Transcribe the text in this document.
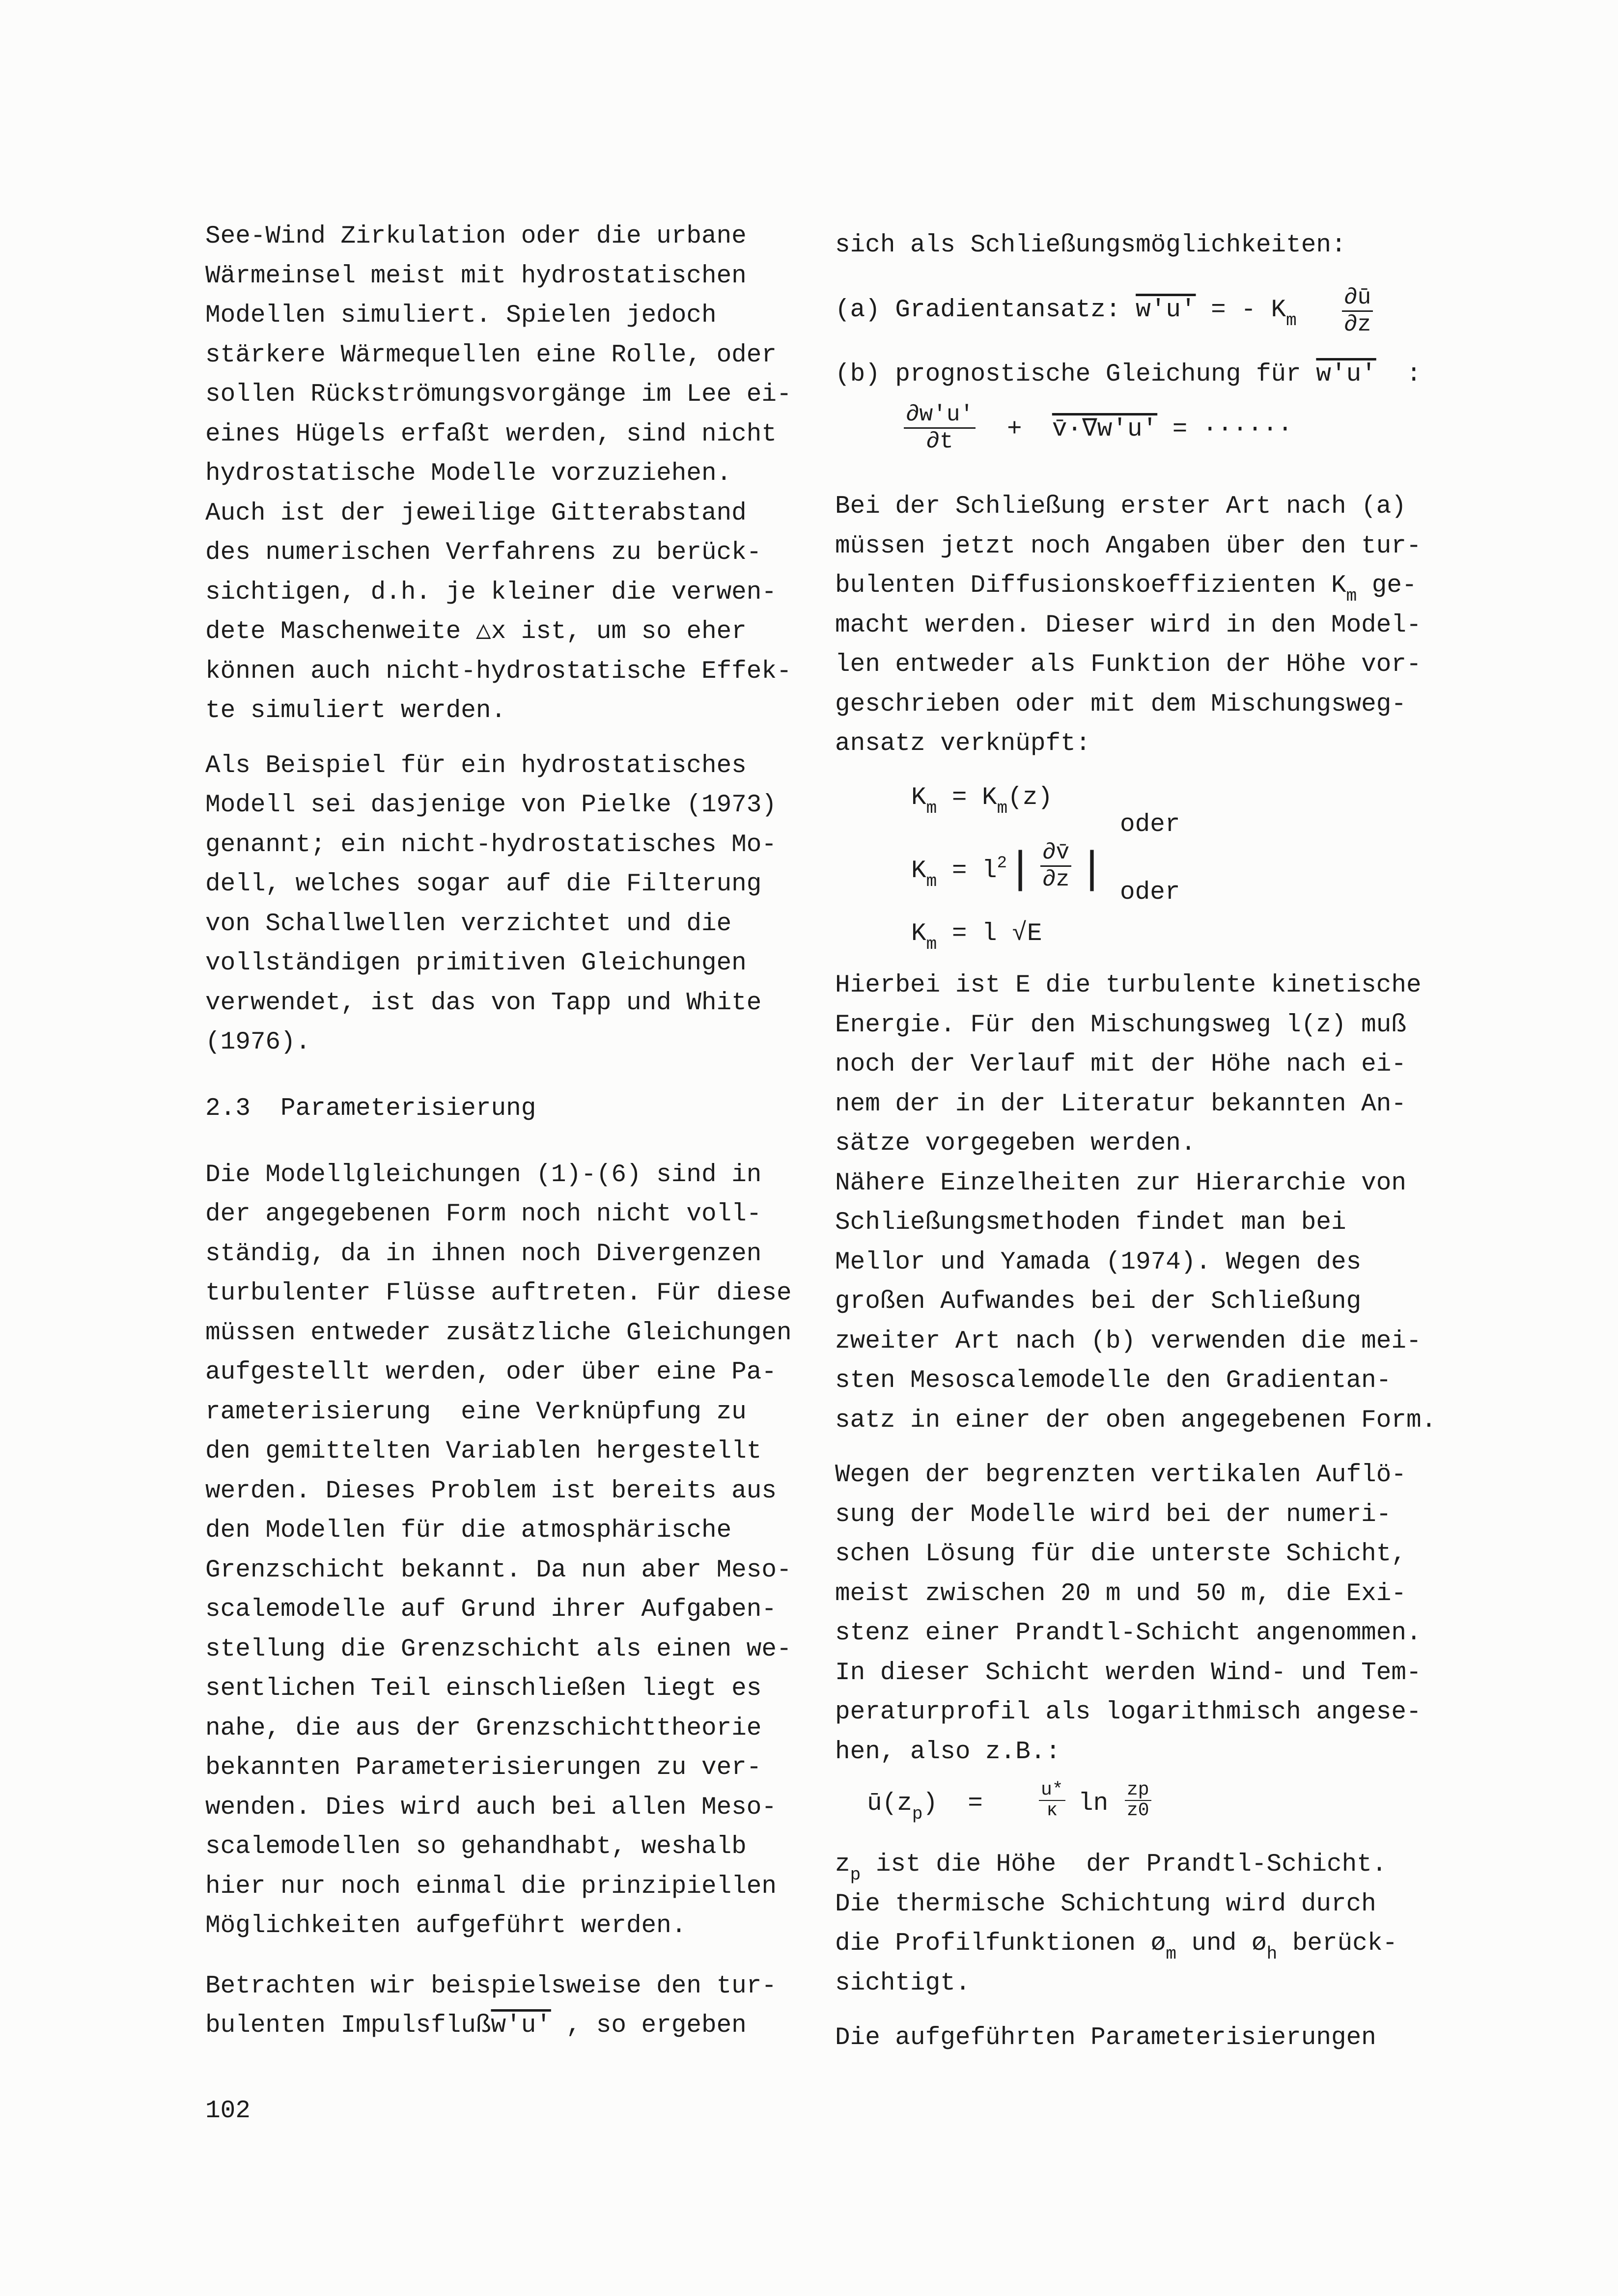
See-Wind Zirkulation oder die urbane
Wärmeinsel meist mit hydrostatischen
Modellen simuliert. Spielen jedoch
stärkere Wärmequellen eine Rolle, oder
sollen Rückströmungsvorgänge im Lee ei-
eines Hügels erfaßt werden, sind nicht
hydrostatische Modelle vorzuziehen.
Auch ist der jeweilige Gitterabstand
des numerischen Verfahrens zu berück-
sichtigen, d.h. je kleiner die verwen-
dete Maschenweite △x ist, um so eher
können auch nicht-hydrostatische Effek-
te simuliert werden.
Als Beispiel für ein hydrostatisches
Modell sei dasjenige von Pielke (1973)
genannt; ein nicht-hydrostatisches Mo-
dell, welches sogar auf die Filterung
von Schallwellen verzichtet und die
vollständigen primitiven Gleichungen
verwendet, ist das von Tapp und White
(1976).
2.3  Parameterisierung
Die Modellgleichungen (1)-(6) sind in
der angegebenen Form noch nicht voll-
ständig, da in ihnen noch Divergenzen
turbulenter Flüsse auftreten. Für diese
müssen entweder zusätzliche Gleichungen
aufgestellt werden, oder über eine Pa-
rameterisierung  eine Verknüpfung zu
den gemittelten Variablen hergestellt
werden. Dieses Problem ist bereits aus
den Modellen für die atmosphärische
Grenzschicht bekannt. Da nun aber Meso-
scalemodelle auf Grund ihrer Aufgaben-
stellung die Grenzschicht als einen we-
sentlichen Teil einschließen liegt es
nahe, die aus der Grenzschichttheorie
bekannten Parameterisierungen zu ver-
wenden. Dies wird auch bei allen Meso-
scalemodellen so gehandhabt, weshalb
hier nur noch einmal die prinzipiellen
Möglichkeiten aufgeführt werden.
Betrachten wir beispielsweise den tur-
bulenten Impulsflußw'u' , so ergeben
sich als Schließungsmöglichkeiten:
(a) Gradientansatz: w'u' = - $K_m \frac{\partial ū}{\partial z}$
(b) prognostische Gleichung für w'u' :
$\frac{\partial w'u'}{\partial t}$ + v̄·∇w'u' = ······
Bei der Schließung erster Art nach (a)
müssen jetzt noch Angaben über den tur-
bulenten Diffusionskoeffizienten $K_m$ ge-
macht werden. Dieser wird in den Model-
len entweder als Funktion der Höhe vor-
geschrieben oder mit dem Mischungsweg-
ansatz verknüpft:
$K_m = K_m(z)$
oder
$K_m = l^2| \frac{\partial v̄}{\partial z}$ | oder
$K_m = l$ √E
Hierbei ist E die turbulente kinetische
Energie. Für den Mischungsweg l(z) muß
noch der Verlauf mit der Höhe nach ei-
nem der in der Literatur bekannten An-
sätze vorgegeben werden.
Nähere Einzelheiten zur Hierarchie von
Schließungsmethoden findet man bei
Mellor und Yamada (1974). Wegen des
großen Aufwandes bei der Schließung
zweiter Art nach (b) verwenden die mei-
sten Mesoscalemodelle den Gradientan-
satz in einer der oben angegebenen Form.
Wegen der begrenzten vertikalen Auflö-
sung der Modelle wird bei der numeri-
schen Lösung für die unterste Schicht,
meist zwischen 20 m und 50 m, die Exi-
stenz einer Prandtl-Schicht angenommen.
In dieser Schicht werden Wind- und Tem-
peraturprofil als logarithmisch angese-
hen, also z.B.:
$ū(z_p)$  =	$\frac{u*}{\kappa}$ $\ln \frac{zp}{z0}$
$z_p$ ist die Höhe  der Prandtl-Schicht.
Die thermische Schichtung wird durch
die Profilfunktionen $ø_m$ und $ø_h$ berück-
sichtigt.
Die aufgeführten Parameterisierungen
102
